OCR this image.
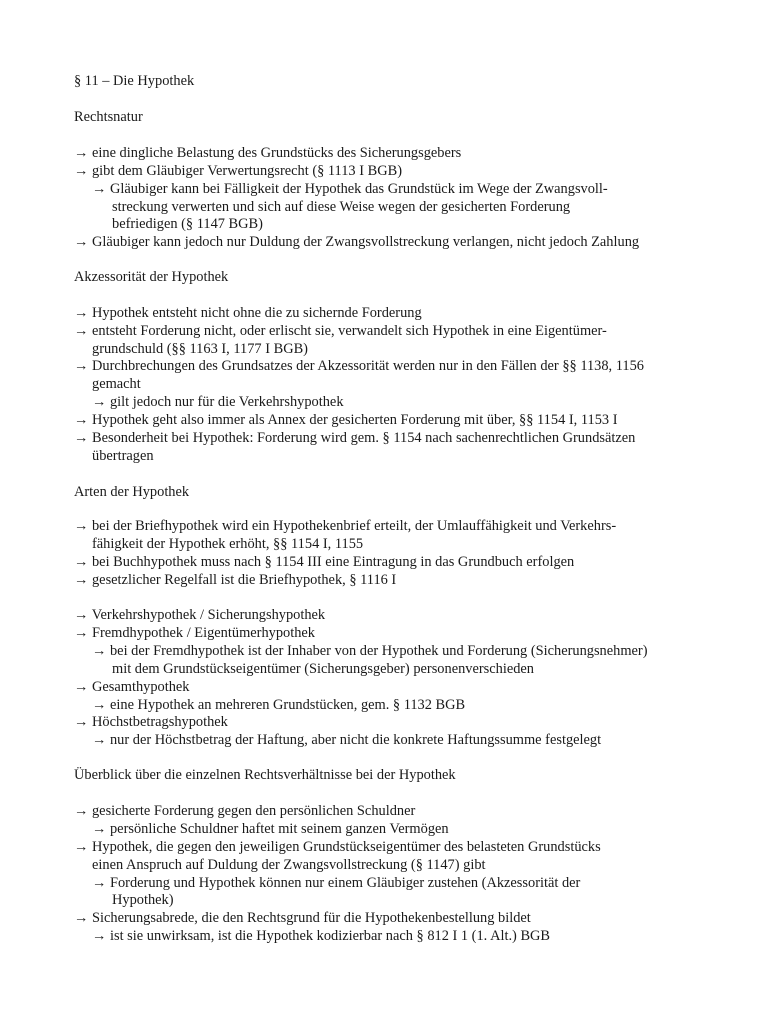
§ 11 – Die Hypothek
Rechtsnatur
→ eine dingliche Belastung des Grundstücks des Sicherungsgebers
→ gibt dem Gläubiger Verwertungsrecht (§ 1113 I BGB)
→ Gläubiger kann bei Fälligkeit der Hypothek das Grundstück im Wege der Zwangsvoll-
streckung verwerten und sich auf diese Weise wegen der gesicherten Forderung
befriedigen (§ 1147 BGB)
→ Gläubiger kann jedoch nur Duldung der Zwangsvollstreckung verlangen, nicht jedoch Zahlung
Akzessorität der Hypothek
→ Hypothek entsteht nicht ohne die zu sichernde Forderung
→ entsteht Forderung nicht, oder erlischt sie, verwandelt sich Hypothek in eine Eigentümer-
grundschuld (§§ 1163 I, 1177 I BGB)
→ Durchbrechungen des Grundsatzes der Akzessorität werden nur in den Fällen der §§ 1138, 1156
gemacht
→ gilt jedoch nur für die Verkehrshypothek
→ Hypothek geht also immer als Annex der gesicherten Forderung mit über, §§ 1154 I, 1153 I
→ Besonderheit bei Hypothek: Forderung wird gem. § 1154 nach sachenrechtlichen Grundsätzen
übertragen
Arten der Hypothek
→ bei der Briefhypothek wird ein Hypothekenbrief erteilt, der Umlauffähigkeit und Verkehrs-
fähigkeit der Hypothek erhöht, §§ 1154 I, 1155
→ bei Buchhypothek muss nach § 1154 III eine Eintragung in das Grundbuch erfolgen
→ gesetzlicher Regelfall ist die Briefhypothek, § 1116 I
→ Verkehrshypothek / Sicherungshypothek
→ Fremdhypothek / Eigentümerhypothek
→ bei der Fremdhypothek ist der Inhaber von der Hypothek und Forderung (Sicherungsnehmer)
mit dem Grundstückseigentümer (Sicherungsgeber) personenverschieden
→ Gesamthypothek
→ eine Hypothek an mehreren Grundstücken, gem. § 1132 BGB
→ Höchstbetragshypothek
→ nur der Höchstbetrag der Haftung, aber nicht die konkrete Haftungssumme festgelegt
Überblick über die einzelnen Rechtsverhältnisse bei der Hypothek
→ gesicherte Forderung gegen den persönlichen Schuldner
→ persönliche Schuldner haftet mit seinem ganzen Vermögen
→ Hypothek, die gegen den jeweiligen Grundstückseigentümer des belasteten Grundstücks
einen Anspruch auf Duldung der Zwangsvollstreckung (§ 1147) gibt
→ Forderung und Hypothek können nur einem Gläubiger zustehen (Akzessorität der
Hypothek)
→ Sicherungsabrede, die den Rechtsgrund für die Hypothekenbestellung bildet
→ ist sie unwirksam, ist die Hypothek kodizierbar nach § 812 I 1 (1. Alt.) BGB
